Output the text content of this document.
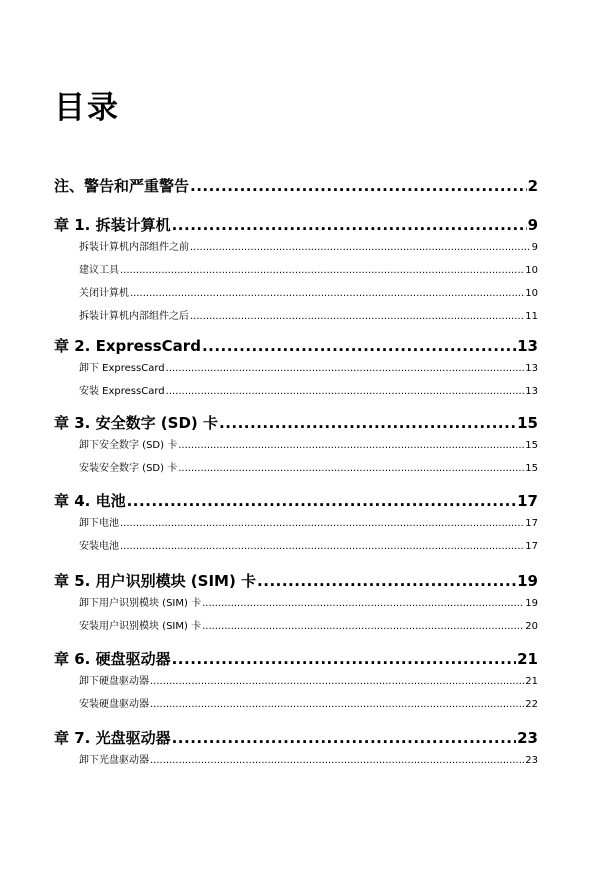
目录
注、警告和严重警告 .....	2
章 1. 拆装计算机 .....	9
拆装计算机内部组件之前 .....	9
建议工具 .....	10
关闭计算机 .....	10
拆装计算机内部组件之后 .....	11
章 2. ExpressCard .....	13
卸下 ExpressCard .....	13
安装 ExpressCard .....	13
章 3. 安全数字 (SD) 卡 .....	15
卸下安全数字 (SD) 卡 .....	15
安装安全数字 (SD) 卡 .....	15
章 4. 电池 .....	17
卸下电池 .....	17
安装电池 .....	17
章 5. 用户识别模块 (SIM) 卡 .....	19
卸下用户识别模块 (SIM) 卡 .....	19
安装用户识别模块 (SIM) 卡 .....	20
章 6. 硬盘驱动器 .....	21
卸下硬盘驱动器 .....	21
安装硬盘驱动器 .....	22
章 7. 光盘驱动器 .....	23
卸下光盘驱动器 .....	23
